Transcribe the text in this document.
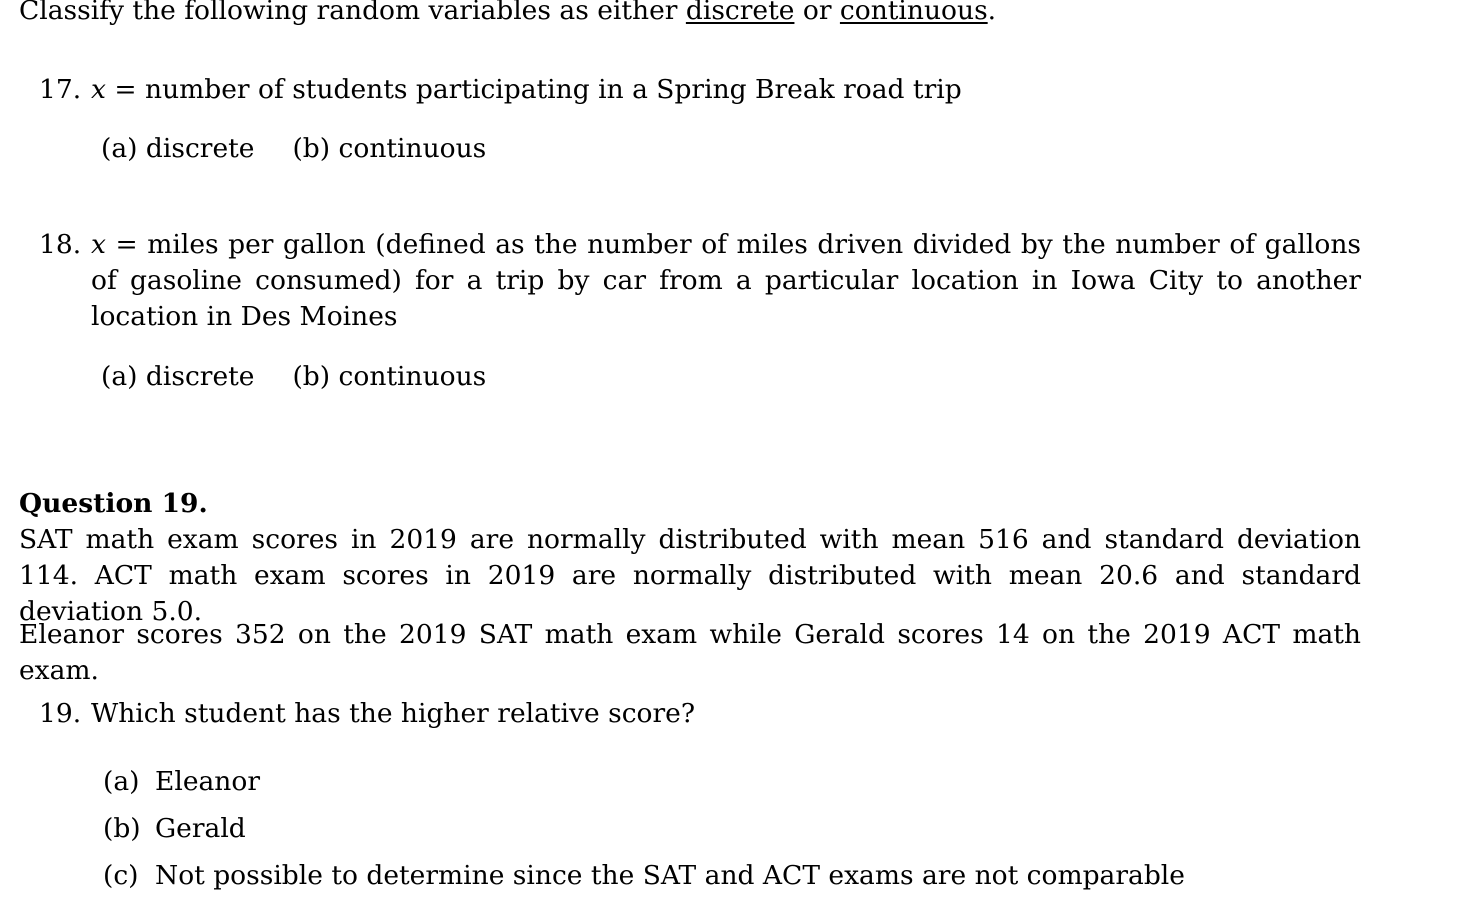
Classify the following random variables as either discrete or continuous.
17. x = number of students participating in a Spring Break road trip
(a) discrete (b) continuous
18. x = miles per gallon (defined as the number of miles driven divided by the number of gallons of gasoline consumed) for a trip by car from a particular location in Iowa City to another location in Des Moines
(a) discrete (b) continuous
Question 19.
SAT math exam scores in 2019 are normally distributed with mean 516 and standard deviation 114. ACT math exam scores in 2019 are normally distributed with mean 20.6 and standard deviation 5.0.
Eleanor scores 352 on the 2019 SAT math exam while Gerald scores 14 on the 2019 ACT math exam.
19. Which student has the higher relative score?
(a) Eleanor
(b) Gerald
(c) Not possible to determine since the SAT and ACT exams are not comparable
